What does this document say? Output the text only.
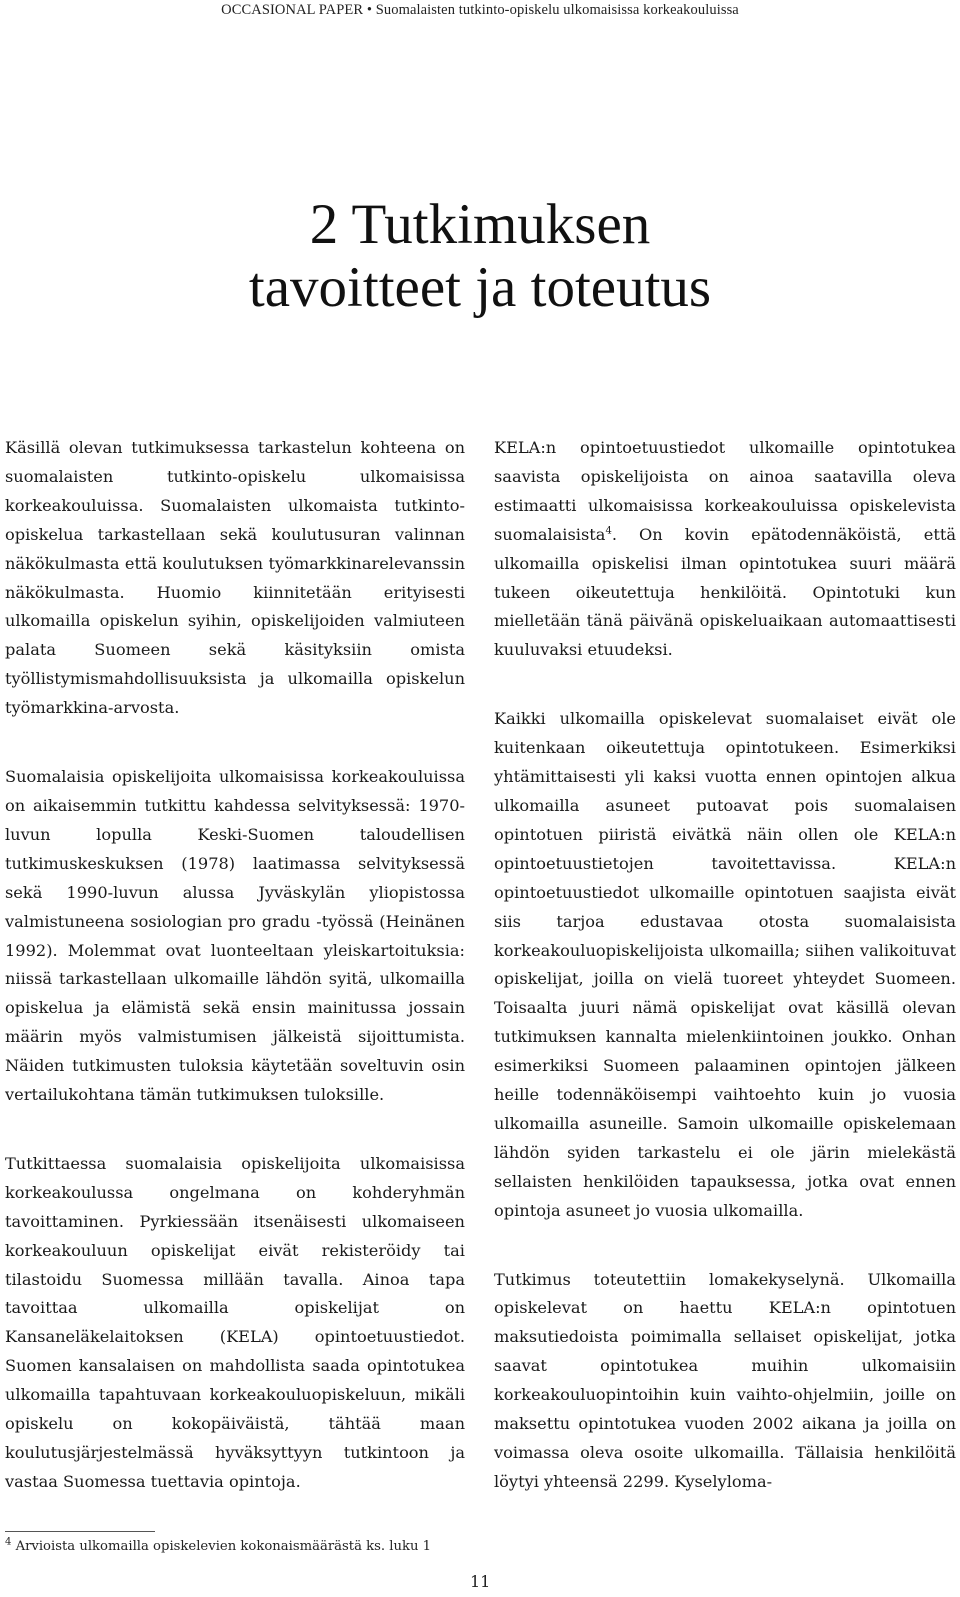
OCCASIONAL PAPER • Suomalaisten tutkinto-opiskelu ulkomaisissa korkeakouluissa
2 Tutkimuksen
tavoitteet ja toteutus

Käsillä olevan tutkimuksessa tarkastelun kohteena on suomalaisten tutkinto-opiskelu ulkomaisissa korkeakouluissa. Suomalaisten ulkomaista tutkinto-opiskelua tarkastellaan sekä koulutusuran valinnan näkökulmasta että koulutuksen työmarkkinarelevanssin näkökulmasta. Huomio kiinnitetään erityisesti ulkomailla opiskelun syihin, opiskelijoiden valmiuteen palata Suomeen sekä käsityksiin omista työllistymismahdollisuuksista ja ulkomailla opiskelun työmarkkina-arvosta.

Suomalaisia opiskelijoita ulkomaisissa korkeakouluissa on aikaisemmin tutkittu kahdessa selvityksessä: 1970-luvun lopulla Keski-Suomen taloudellisen tutkimuskeskuksen (1978) laatimassa selvityksessä sekä 1990-luvun alussa Jyväskylän yliopistossa valmistuneena sosiologian pro gradu -työssä (Heinänen 1992). Molemmat ovat luonteeltaan yleiskartoituksia: niissä tarkastellaan ulkomaille lähdön syitä, ulkomailla opiskelua ja elämistä sekä ensin mainitussa jossain määrin myös valmistumisen jälkeistä sijoittumista. Näiden tutkimusten tuloksia käytetään soveltuvin osin vertailukohtana tämän tutkimuksen tuloksille.

Tutkittaessa suomalaisia opiskelijoita ulkomaisissa korkeakoulussa ongelmana on kohderyhmän tavoittaminen. Pyrkiessään itsenäisesti ulkomaiseen korkeakouluun opiskelijat eivät rekisteröidy tai tilastoidu Suomessa millään tavalla. Ainoa tapa tavoittaa ulkomailla opiskelijat on Kansaneläkelaitoksen (KELA) opintoetuustiedot. Suomen kansalaisen on mahdollista saada opintotukea ulkomailla tapahtuvaan korkeakouluopiskeluun, mikäli opiskelu on kokopäiväistä, tähtää maan koulutusjärjestelmässä hyväksyttyyn tutkintoon ja vastaa Suomessa tuettavia opintoja.

KELA:n opintoetuustiedot ulkomaille opintotukea saavista opiskelijoista on ainoa saatavilla oleva estimaatti ulkomaisissa korkeakouluissa opiskelevista suomalaisista$^4$. On kovin epätodennäköistä, että ulkomailla opiskelisi ilman opintotukea suuri määrä tukeen oikeutettuja henkilöitä. Opintotuki kun mielletään tänä päivänä opiskeluaikaan automaattisesti kuuluvaksi etuudeksi.

Kaikki ulkomailla opiskelevat suomalaiset eivät ole kuitenkaan oikeutettuja opintotukeen. Esimerkiksi yhtämittaisesti yli kaksi vuotta ennen opintojen alkua ulkomailla asuneet putoavat pois suomalaisen opintotuen piiristä eivätkä näin ollen ole KELA:n opintoetuustietojen tavoitettavissa. KELA:n opintoetuustiedot ulkomaille opintotuen saajista eivät siis tarjoa edustavaa otosta suomalaisista korkeakouluopiskelijoista ulkomailla; siihen valikoituvat opiskelijat, joilla on vielä tuoreet yhteydet Suomeen. Toisaalta juuri nämä opiskelijat ovat käsillä olevan tutkimuksen kannalta mielenkiintoinen joukko. Onhan esimerkiksi Suomeen palaaminen opintojen jälkeen heille todennäköisempi vaihtoehto kuin jo vuosia ulkomailla asuneille. Samoin ulkomaille opiskelemaan lähdön syiden tarkastelu ei ole järin mielekästä sellaisten henkilöiden tapauksessa, jotka ovat ennen opintoja asuneet jo vuosia ulkomailla.

Tutkimus toteutettiin lomakekyselynä. Ulkomailla opiskelevat on haettu KELA:n opintotuen maksutiedoista poimimalla sellaiset opiskelijat, jotka saavat opintotukea muihin ulkomaisiin korkeakouluopintoihin kuin vaihto-ohjelmiin, joille on maksettu opintotukea vuoden 2002 aikana ja joilla on voimassa oleva osoite ulkomailla. Tällaisia henkilöitä löytyi yhteensä 2299. Kyselyloma-

$^4$ Arvioista ulkomailla opiskelevien kokonaismäärästä ks. luku 1
11
